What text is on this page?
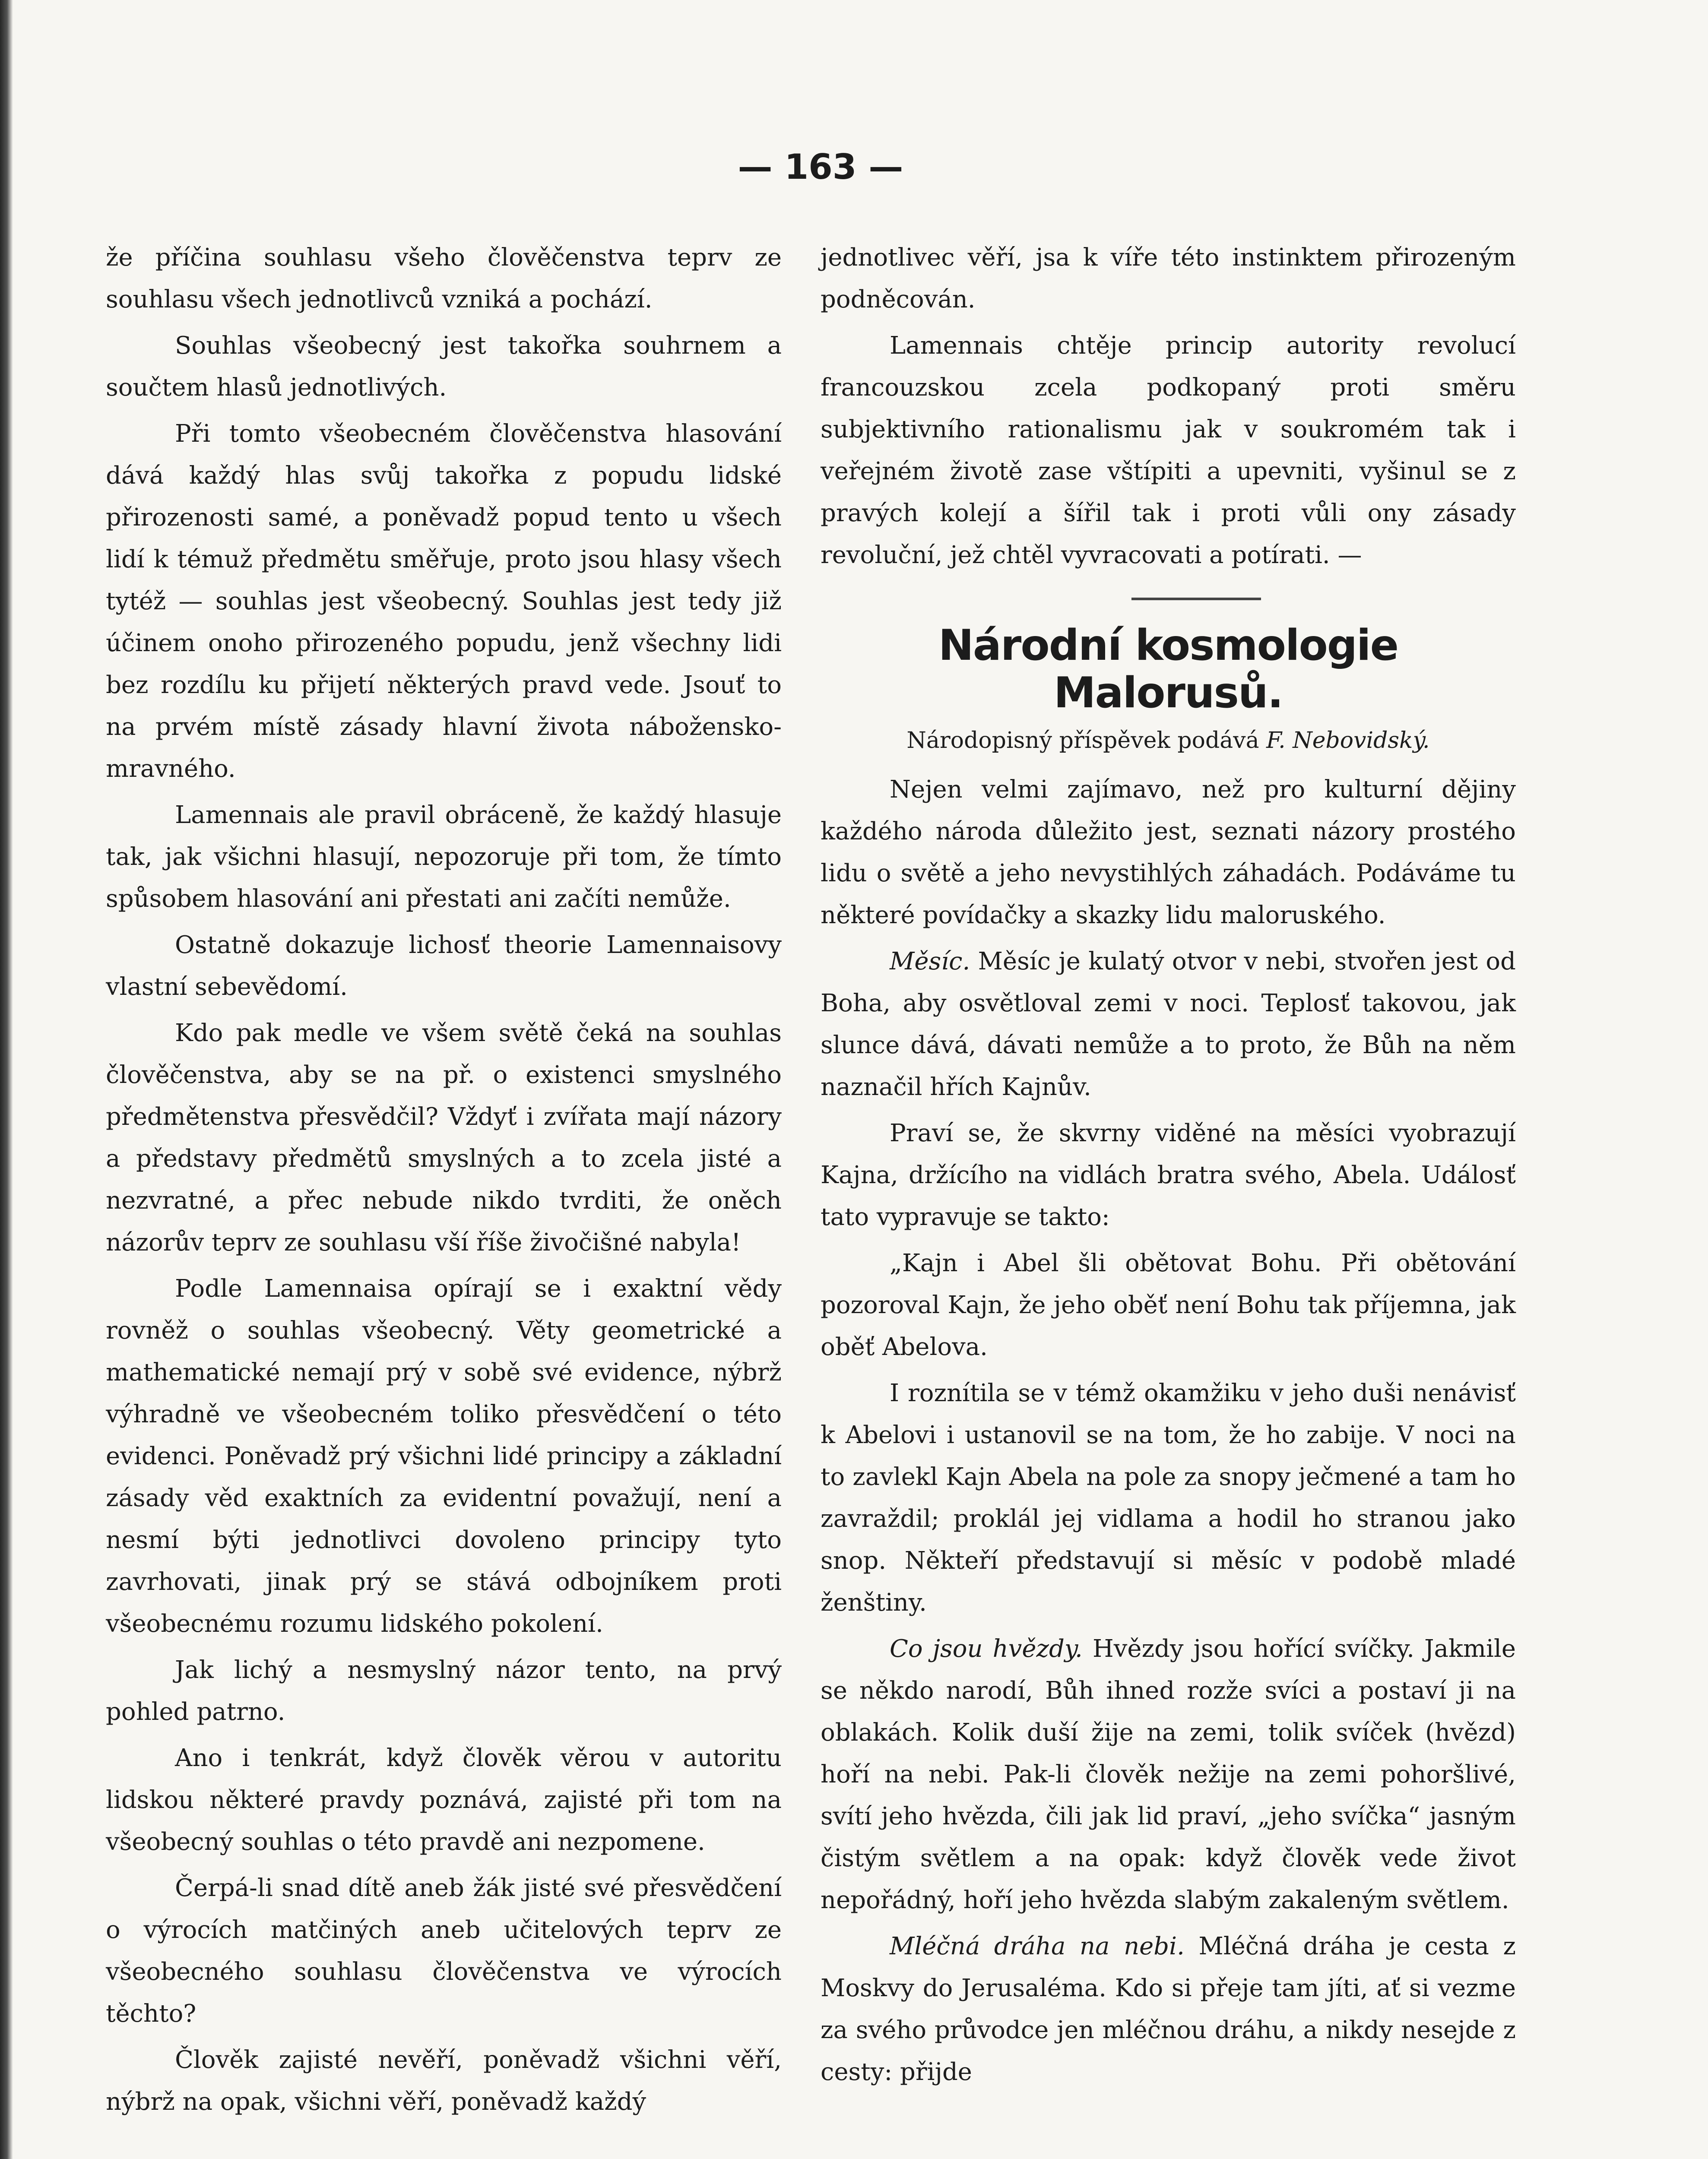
— 163 —

že příčina souhlasu všeho člověčenstva teprv ze souhlasu všech jednotlivců vzniká a pochází.

Souhlas všeobecný jest takořka souhrnem a součtem hlasů jednotlivých.

Při tomto všeobecném člověčenstva hlasování dává každý hlas svůj takořka z popudu lidské přirozenosti samé, a poněvadž popud tento u všech lidí k témuž předmětu směřuje, proto jsou hlasy všech tytéž — souhlas jest všeobecný. Souhlas jest tedy již účinem onoho přirozeného popudu, jenž všechny lidi bez rozdílu ku přijetí některých pravd vede. Jsouť to na prvém místě zásady hlavní života nábožensko-mravného.

Lamennais ale pravil obráceně, že každý hlasuje tak, jak všichni hlasují, nepozoruje při tom, že tímto spůsobem hlasování ani přestati ani začíti nemůže.

Ostatně dokazuje lichosť theorie Lamennaisovy vlastní sebevědomí.

Kdo pak medle ve všem světě čeká na souhlas člověčenstva, aby se na př. o existenci smyslného předmětenstva přesvědčil? Vždyť i zvířata mají názory a představy předmětů smyslných a to zcela jisté a nezvratné, a přec nebude nikdo tvrditi, že oněch názorův teprv ze souhlasu vší říše živočišné nabyla!

Podle Lamennaisa opírají se i exaktní vědy rovněž o souhlas všeobecný. Věty geometrické a mathematické nemají prý v sobě své evidence, nýbrž výhradně ve všeobecném toliko přesvědčení o této evidenci. Poněvadž prý všichni lidé principy a základní zásady věd exaktních za evidentní považují, není a nesmí býti jednotlivci dovoleno principy tyto zavrhovati, jinak prý se stává odbojníkem proti všeobecnému rozumu lidského pokolení.

Jak lichý a nesmyslný názor tento, na prvý pohled patrno.

Ano i tenkrát, když člověk věrou v autoritu lidskou některé pravdy poznává, zajisté při tom na všeobecný souhlas o této pravdě ani nezpomene.

Čerpá-li snad dítě aneb žák jisté své přesvědčení o výrocích matčiných aneb učitelových teprv ze všeobecného souhlasu člověčenstva ve výrocích těchto?

Člověk zajisté nevěří, poněvadž všichni věří, nýbrž na opak, všichni věří, poněvadž každý

jednotlivec věří, jsa k víře této instinktem přirozeným podněcován.

Lamennais chtěje princip autority revolucí francouzskou zcela podkopaný proti směru subjektivního rationalismu jak v soukromém tak i veřejném životě zase vštípiti a upevniti, vyšinul se z pravých kolejí a šířil tak i proti vůli ony zásady revoluční, jež chtěl vyvracovati a potírati. —

Národní kosmologie Malorusů.
Národopisný příspěvek podává F. Nebovidský.

Nejen velmi zajímavo, než pro kulturní dějiny každého národa důležito jest, seznati názory prostého lidu o světě a jeho nevystihlých záhadách. Podáváme tu některé povídačky a skazky lidu maloruského.

Měsíc. Měsíc je kulatý otvor v nebi, stvořen jest od Boha, aby osvětloval zemi v noci. Teplosť takovou, jak slunce dává, dávati nemůže a to proto, že Bůh na něm naznačil hřích Kajnův.

Praví se, že skvrny viděné na měsíci vyobrazují Kajna, držícího na vidlách bratra svého, Abela. Událosť tato vypravuje se takto:

„Kajn i Abel šli obětovat Bohu. Při obětování pozoroval Kajn, že jeho oběť není Bohu tak příjemna, jak oběť Abelova.

I roznítila se v témž okamžiku v jeho duši nenávisť k Abelovi i ustanovil se na tom, že ho zabije. V noci na to zavlekl Kajn Abela na pole za snopy ječmené a tam ho zavraždil; proklál jej vidlama a hodil ho stranou jako snop. Někteří představují si měsíc v podobě mladé ženštiny.

Co jsou hvězdy. Hvězdy jsou hořící svíčky. Jakmile se někdo narodí, Bůh ihned rozže svíci a postaví ji na oblakách. Kolik duší žije na zemi, tolik svíček (hvězd) hoří na nebi. Pak-li člověk nežije na zemi pohoršlivé, svítí jeho hvězda, čili jak lid praví, „jeho svíčka“ jasným čistým světlem a na opak: když člověk vede život nepořádný, hoří jeho hvězda slabým zakaleným světlem.

Mléčná dráha na nebi. Mléčná dráha je cesta z Moskvy do Jerusaléma. Kdo si přeje tam jíti, ať si vezme za svého průvodce jen mléčnou dráhu, a nikdy nesejde z cesty: přijde
